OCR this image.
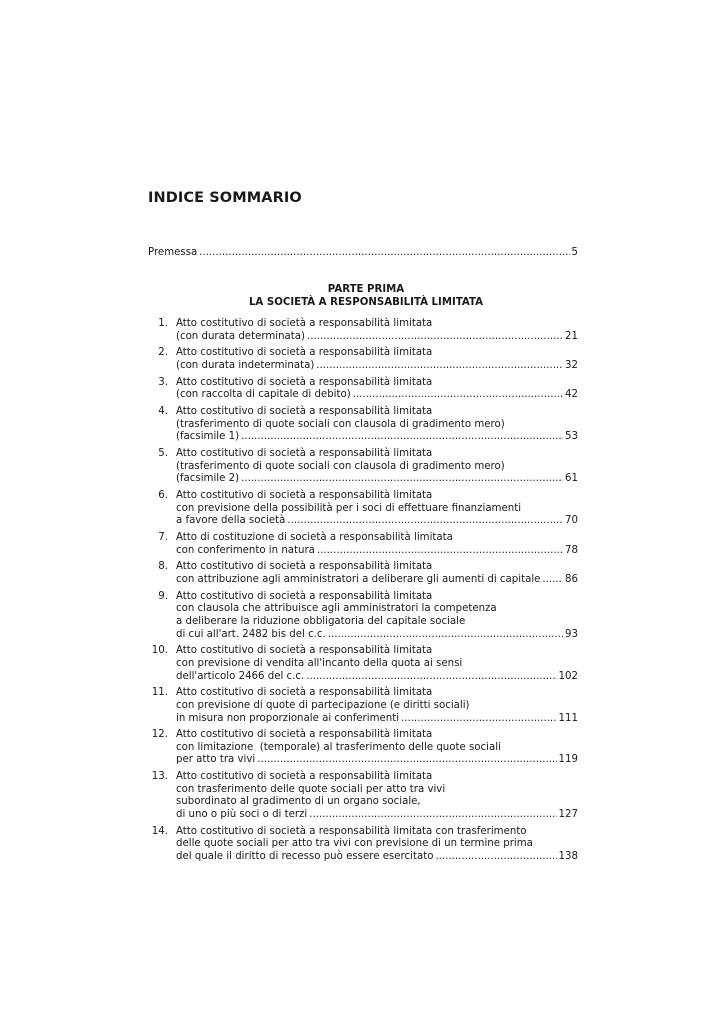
INDICE SOMMARIO
Premessa .....	5
PARTE PRIMA
LA SOCIETÀ A RESPONSABILITÀ LIMITATA
1. Atto costitutivo di società a responsabilità limitata
(con durata determinata) .....	21
2. Atto costitutivo di società a responsabilità limitata
(con durata indeterminata) .....	32
3. Atto costitutivo di società a responsabilità limitata
(con raccolta di capitale di debito) .....	42
4. Atto costitutivo di società a responsabilità limitata
(trasferimento di quote sociali con clausola di gradimento mero)
(facsimile 1) .....	53
5. Atto costitutivo di società a responsabilità limitata
(trasferimento di quote sociali con clausola di gradimento mero)
(facsimile 2) .....	61
6. Atto costitutivo di società a responsabilità limitata
con previsione della possibilità per i soci di effettuare finanziamenti
a favore della società .....	70
7. Atto di costituzione di società a responsabilità limitata
con conferimento in natura .....	78
8. Atto costitutivo di società a responsabilità limitata
con attribuzione agli amministratori a deliberare gli aumenti di capitale ..... 86
9. Atto costitutivo di società a responsabilità limitata
con clausola che attribuisce agli amministratori la competenza
a deliberare la riduzione obbligatoria del capitale sociale
di cui all'art. 2482 bis del c.c. .....	93
10. Atto costitutivo di società a responsabilità limitata
con previsione di vendita all'incanto della quota ai sensi
dell'articolo 2466 del c.c. .....	102
11. Atto costitutivo di società a responsabilità limitata
con previsione di quote di partecipazione (e diritti sociali)
in misura non proporzionale ai conferimenti .....	111
12. Atto costitutivo di società a responsabilità limitata
con limitazione  (temporale) al trasferimento delle quote sociali
per atto tra vivi .....	119
13. Atto costitutivo di società a responsabilità limitata
con trasferimento delle quote sociali per atto tra vivi
subordinato al gradimento di un organo sociale,
di uno o più soci o di terzi .....	127
14. Atto costitutivo di società a responsabilità limitata con trasferimento
delle quote sociali per atto tra vivi con previsione di un termine prima
del quale il diritto di recesso può essere esercitato .....	138
